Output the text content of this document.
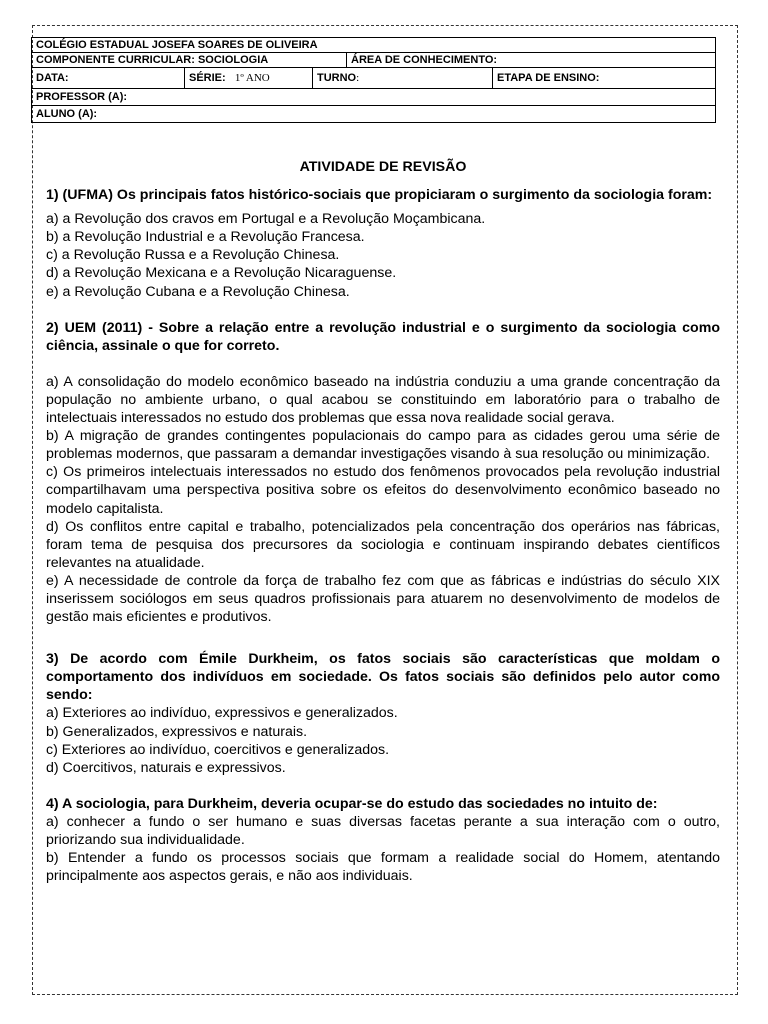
COLÉGIO ESTADUAL JOSEFA SOARES DE OLIVEIRA				
COMPONENTE CURRICULAR: SOCIOLOGIA			ÁREA DE CONHECIMENTO:	
DATA:	SÉRIE: 1º ANO	TURNO:		ETAPA DE ENSINO:
PROFESSOR (A):				
ALUNO (A):				

ATIVIDADE DE REVISÃO

1) (UFMA) Os principais fatos histórico-sociais que propiciaram o surgimento da sociologia foram:

a) a Revolução dos cravos em Portugal e a Revolução Moçambicana.

b) a Revolução Industrial e a Revolução Francesa.

c) a Revolução Russa e a Revolução Chinesa.

d) a Revolução Mexicana e a Revolução Nicaraguense.

e) a Revolução Cubana e a Revolução Chinesa.

2) UEM (2011) - Sobre a relação entre a revolução industrial e o surgimento da sociologia como ciência, assinale o que for correto.

a) A consolidação do modelo econômico baseado na indústria conduziu a uma grande concentração da população no ambiente urbano, o qual acabou se constituindo em laboratório para o trabalho de intelectuais interessados no estudo dos problemas que essa nova realidade social gerava.

b) A migração de grandes contingentes populacionais do campo para as cidades gerou uma série de problemas modernos, que passaram a demandar investigações visando à sua resolução ou minimização.

c) Os primeiros intelectuais interessados no estudo dos fenômenos provocados pela revolução industrial compartilhavam uma perspectiva positiva sobre os efeitos do desenvolvimento econômico baseado no modelo capitalista.

d) Os conflitos entre capital e trabalho, potencializados pela concentração dos operários nas fábricas, foram tema de pesquisa dos precursores da sociologia e continuam inspirando debates científicos relevantes na atualidade.

e) A necessidade de controle da força de trabalho fez com que as fábricas e indústrias do século XIX inserissem sociólogos em seus quadros profissionais para atuarem no desenvolvimento de modelos de gestão mais eficientes e produtivos.

3) De acordo com Émile Durkheim, os fatos sociais são características que moldam o comportamento dos indivíduos em sociedade. Os fatos sociais são definidos pelo autor como sendo:

a) Exteriores ao indivíduo, expressivos e generalizados.

b) Generalizados, expressivos e naturais.

c) Exteriores ao indivíduo, coercitivos e generalizados.

d) Coercitivos, naturais e expressivos.

4) A sociologia, para Durkheim, deveria ocupar-se do estudo das sociedades no intuito de:

a) conhecer a fundo o ser humano e suas diversas facetas perante a sua interação com o outro, priorizando sua individualidade.

b) Entender a fundo os processos sociais que formam a realidade social do Homem, atentando principalmente aos aspectos gerais, e não aos individuais.
